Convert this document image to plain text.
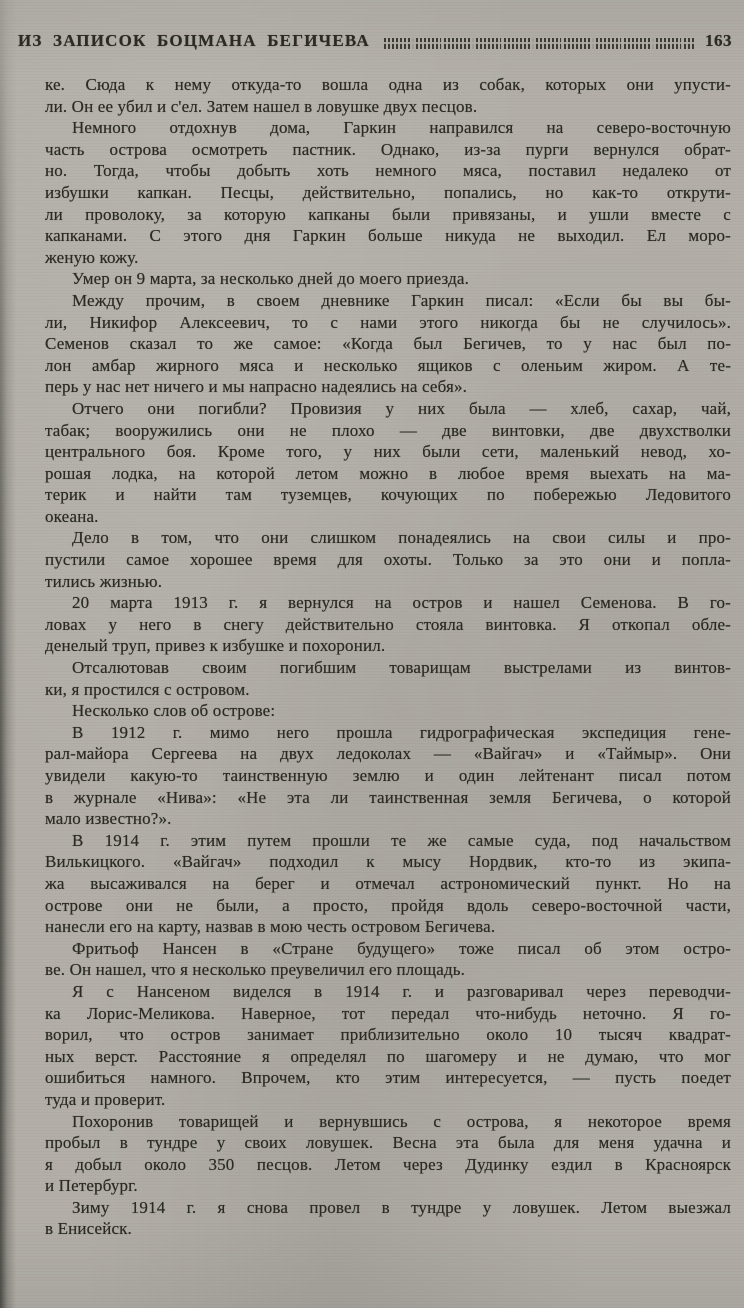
ИЗ ЗАПИСОК БОЦМАНА БЕГИЧЕВА	163

ке. Сюда к нему откуда-то вошла одна из собак, которых они упусти-
ли. Он ее убил и с'ел. Затем нашел в ловушке двух песцов.

Немного отдохнув дома, Гаркин направился на северо-восточную
часть острова осмотреть пастник. Однако, из-за пурги вернулся обрат-
но. Тогда, чтобы добыть хоть немного мяса, поставил недалеко от
избушки капкан. Песцы, действительно, попались, но как-то открути-
ли проволоку, за которую капканы были привязаны, и ушли вместе с
капканами. С этого дня Гаркин больше никуда не выходил. Ел моро-
женую кожу.

Умер он 9 марта, за несколько дней до моего приезда.

Между прочим, в своем дневнике Гаркин писал: «Если бы вы бы-
ли, Никифор Алексеевич, то с нами этого никогда бы не случилось».
Семенов сказал то же самое: «Когда был Бегичев, то у нас был по-
лон амбар жирного мяса и несколько ящиков с оленьим жиром. А те-
перь у нас нет ничего и мы напрасно надеялись на себя».

Отчего они погибли? Провизия у них была — хлеб, сахар, чай,
табак; вооружились они не плохо — две винтовки, две двухстволки
центрального боя. Кроме того, у них были сети, маленький невод, хо-
рошая лодка, на которой летом можно в любое время выехать на ма-
терик и найти там туземцев, кочующих по побережью Ледовитого
океана.

Дело в том, что они слишком понадеялись на свои силы и про-
пустили самое хорошее время для охоты. Только за это они и попла-
тились жизнью.

20 марта 1913 г. я вернулся на остров и нашел Семенова. В го-
ловах у него в снегу действительно стояла винтовка. Я откопал обле-
денелый труп, привез к избушке и похоронил.

Отсалютовав своим погибшим товарищам выстрелами из винтов-
ки, я простился с островом.

Несколько слов об острове:

В 1912 г. мимо него прошла гидрографическая экспедиция гене-
рал-майора Сергеева на двух ледоколах — «Вайгач» и «Таймыр». Они
увидели какую-то таинственную землю и один лейтенант писал потом
в журнале «Нива»: «Не эта ли таинственная земля Бегичева, о которой
мало известно?».

В 1914 г. этим путем прошли те же самые суда, под начальством
Вилькицкого. «Вайгач» подходил к мысу Нордвик, кто-то из экипа-
жа высаживался на берег и отмечал астрономический пункт. Но на
острове они не были, а просто, пройдя вдоль северо-восточной части,
нанесли его на карту, назвав в мою честь островом Бегичева.

Фритьоф Нансен в «Стране будущего» тоже писал об этом остро-
ве. Он нашел, что я несколько преувеличил его площадь.

Я с Нансеном виделся в 1914 г. и разговаривал через переводчи-
ка Лорис-Меликова. Наверное, тот передал что-нибудь неточно. Я го-
ворил, что остров занимает приблизительно около 10 тысяч квадрат-
ных верст. Расстояние я определял по шагомеру и не думаю, что мог
ошибиться намного. Впрочем, кто этим интересуется, — пусть поедет
туда и проверит.

Похоронив товарищей и вернувшись с острова, я некоторое время
пробыл в тундре у своих ловушек. Весна эта была для меня удачна и
я добыл около 350 песцов. Летом через Дудинку ездил в Красноярск
и Петербург.

Зиму 1914 г. я снова провел в тундре у ловушек. Летом выезжал
в Енисейск.
